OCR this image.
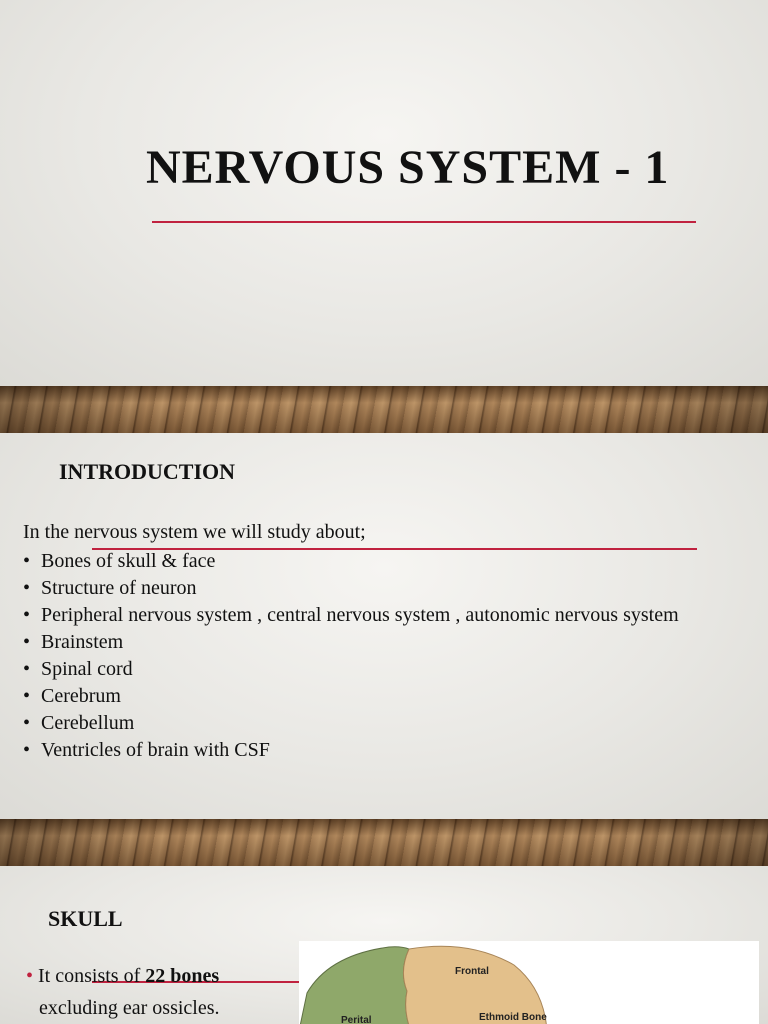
NERVOUS SYSTEM - 1
INTRODUCTION
In the nervous system we will study about;
• Bones of skull & face
• Structure of neuron
• Peripheral nervous system , central nervous system , autonomic nervous system
• Brainstem
• Spinal cord
• Cerebrum
• Cerebellum
• Ventricles of brain with CSF
SKULL
• It consists of 22 bones
excluding ear ossicles.
Frontal
Perital	Ethmoid Bone
